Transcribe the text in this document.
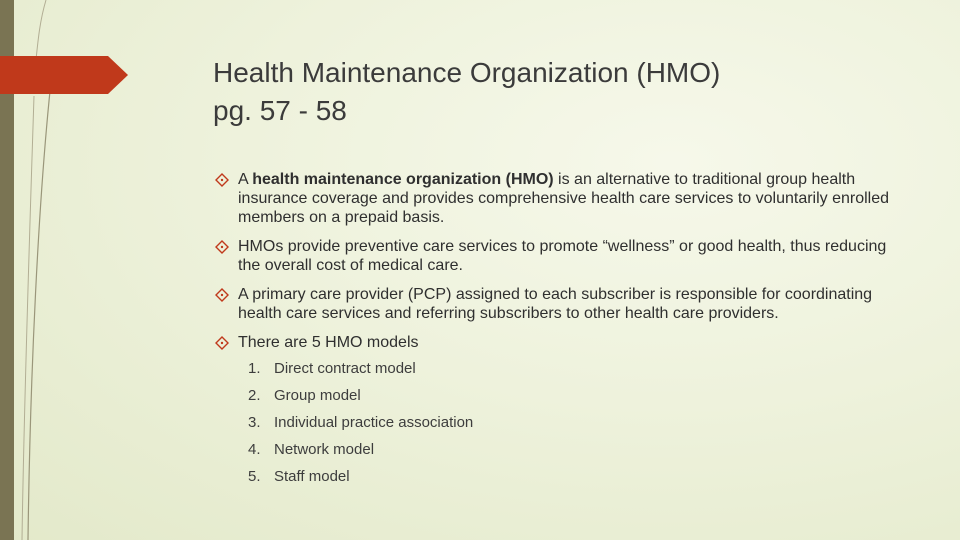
Health Maintenance Organization (HMO)
pg. 57 - 58

A health maintenance organization (HMO) is an alternative to traditional group health insurance coverage and provides comprehensive health care services to voluntarily enrolled members on a prepaid basis.

HMOs provide preventive care services to promote “wellness” or good health, thus reducing the overall cost of medical care.

A primary care provider (PCP) assigned to each subscriber is responsible for coordinating health care services and referring subscribers to other health care providers.

There are 5 HMO models

1. Direct contract model
2. Group model
3. Individual practice association
4. Network model
5. Staff model
